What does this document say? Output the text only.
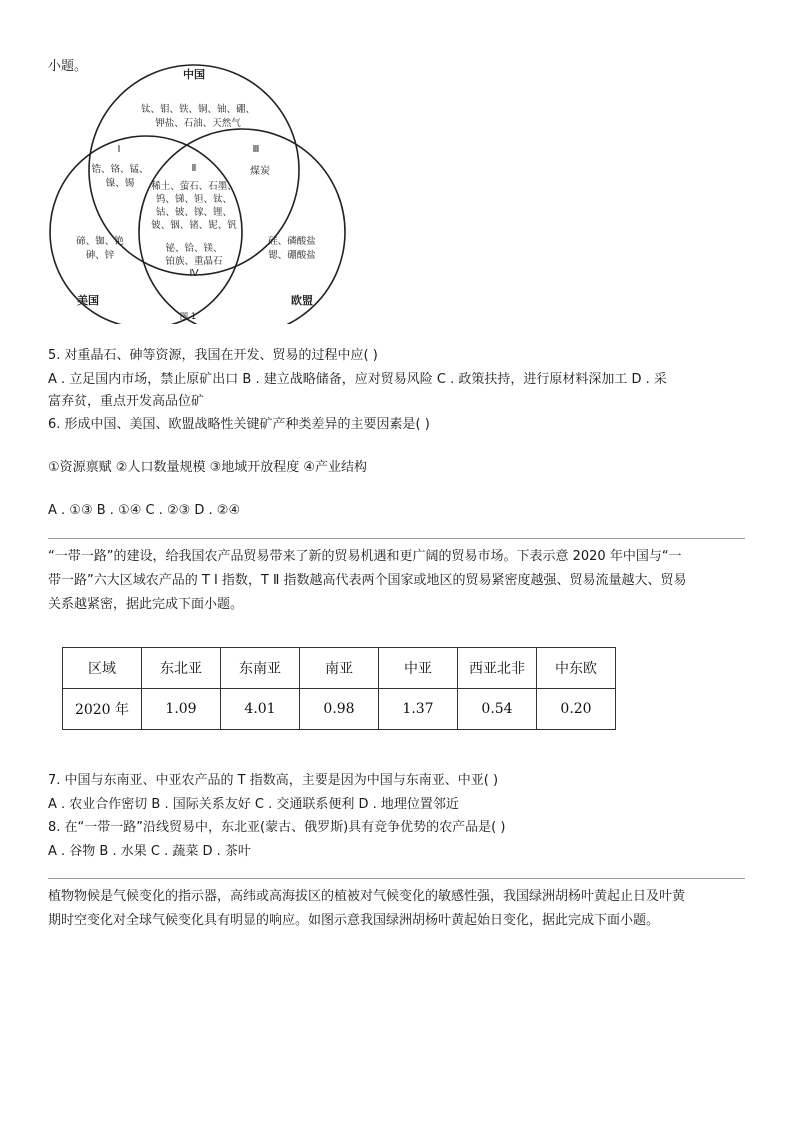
小题。
中国
美国	欧盟
钛、钼、铁、铜、铀、硼、
钾盐、石油、天然气
Ⅰ
Ⅱ
Ⅲ
Ⅳ
锆、铬、锰、
镍、锡 稀土、萤石、石墨、
钨、锑、钽、钛、
钴、铍、镓、锂、
铍、铟、锗、铌、钒
煤炭
碲、铷、铯
砷、锌
铋、铪、镁、
铂族、重晶石
硅、磷酸盐
锶、硼酸盐
图 1
5. 对重晶石、砷等资源，我国在开发、贸易的过程中应( )
A . 立足国内市场，禁止原矿出口 B . 建立战略储备，应对贸易风险 C . 政策扶持，进行原材料深加工 D . 采
富弃贫，重点开发高品位矿
6. 形成中国、美国、欧盟战略性关键矿产种类差异的主要因素是( )
①资源禀赋 ②人口数量规模 ③地域开放程度 ④产业结构
A . ①③ B . ①④ C . ②③ D . ②④
“一带一路”的建设，给我国农产品贸易带来了新的贸易机遇和更广阔的贸易市场。下表示意 2020 年中国与“一
带一路”六大区域农产品的 T Ⅰ 指数，T Ⅱ 指数越高代表两个国家或地区的贸易紧密度越强、贸易流量越大、贸易
关系越紧密，据此完成下面小题。
区域	东北亚	东南亚	南亚	中亚	西亚北非	中东欧
2020 年	1.09	4.01	0.98	1.37	0.54	0.20
7. 中国与东南亚、中亚农产品的 T 指数高，主要是因为中国与东南亚、中亚( )
A . 农业合作密切 B . 国际关系友好 C . 交通联系便利 D . 地理位置邻近
8. 在“一带一路”沿线贸易中，东北亚(蒙古、俄罗斯)具有竞争优势的农产品是( )
A . 谷物 B . 水果 C . 蔬菜 D . 茶叶
植物物候是气候变化的指示器，高纬或高海拔区的植被对气候变化的敏感性强，我国绿洲胡杨叶黄起止日及叶黄
期时空变化对全球气候变化具有明显的响应。如图示意我国绿洲胡杨叶黄起始日变化，据此完成下面小题。
